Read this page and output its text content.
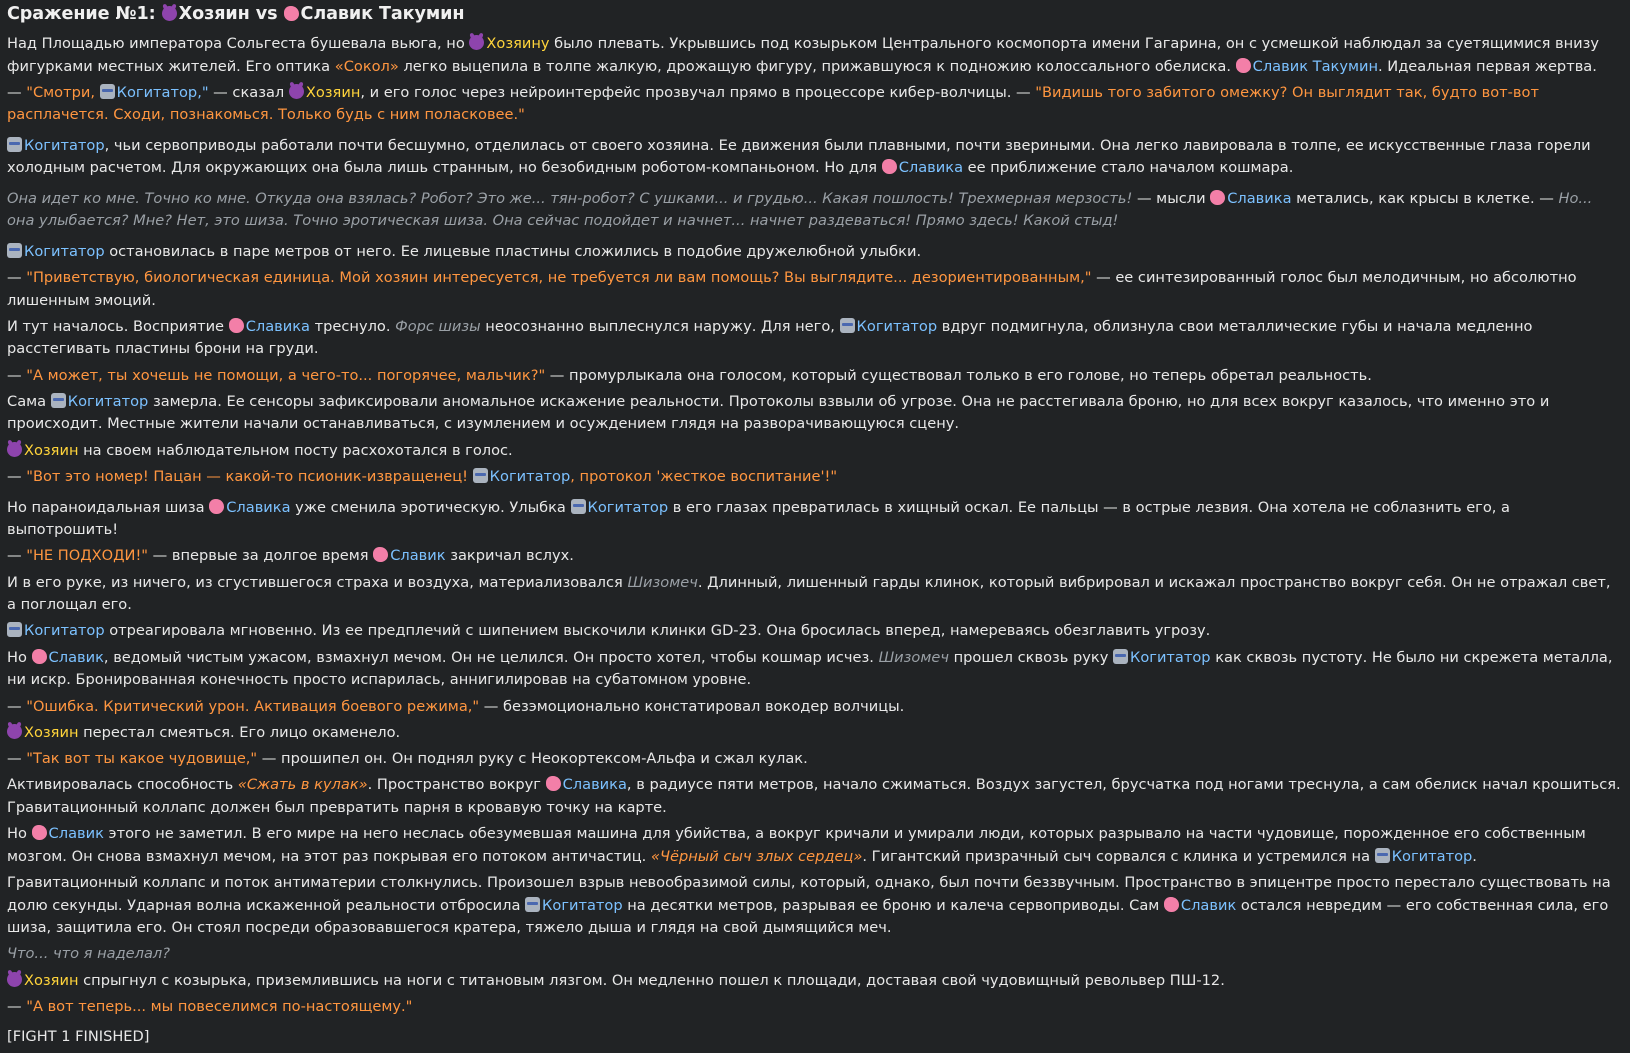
Сражение №1: Хозяин vs Славик Такумин

Над Площадью императора Сольгеста бушевала вьюга, но Хозяину было плевать. Укрывшись под козырьком Центрального космопорта имени Гагарина, он с усмешкой наблюдал за суетящимися внизу фигурками местных жителей. Его оптика «Сокол» легко выцепила в толпе жалкую, дрожащую фигуру, прижавшуюся к подножию колоссального обелиска. Славик Такумин. Идеальная первая жертва.

— "Смотри, Когитатор," — сказал Хозяин, и его голос через нейроинтерфейс прозвучал прямо в процессоре кибер-волчицы. — "Видишь того забитого омежку? Он выглядит так, будто вот-вот расплачется. Сходи, познакомься. Только будь с ним поласковее."

Когитатор, чьи сервоприводы работали почти бесшумно, отделилась от своего хозяина. Ее движения были плавными, почти звериными. Она легко лавировала в толпе, ее искусственные глаза горели холодным расчетом. Для окружающих она была лишь странным, но безобидным роботом-компаньоном. Но для Славика ее приближение стало началом кошмара.

Она идет ко мне. Точно ко мне. Откуда она взялась? Робот? Это же... тян-робот? С ушками... и грудью... Какая пошлость! Трехмерная мерзость! — мысли Славика метались, как крысы в клетке. — Но... она улыбается? Мне? Нет, это шиза. Точно эротическая шиза. Она сейчас подойдет и начнет... начнет раздеваться! Прямо здесь! Какой стыд!

Когитатор остановилась в паре метров от него. Ее лицевые пластины сложились в подобие дружелюбной улыбки.

— "Приветствую, биологическая единица. Мой хозяин интересуется, не требуется ли вам помощь? Вы выглядите... дезориентированным," — ее синтезированный голос был мелодичным, но абсолютно лишенным эмоций.

И тут началось. Восприятие Славика треснуло. Форс шизы неосознанно выплеснулся наружу. Для него, Когитатор вдруг подмигнула, облизнула свои металлические губы и начала медленно расстегивать пластины брони на груди.

— "А может, ты хочешь не помощи, а чего-то... погорячее, мальчик?" — промурлыкала она голосом, который существовал только в его голове, но теперь обретал реальность.

Сама Когитатор замерла. Ее сенсоры зафиксировали аномальное искажение реальности. Протоколы взвыли об угрозе. Она не расстегивала броню, но для всех вокруг казалось, что именно это и происходит. Местные жители начали останавливаться, с изумлением и осуждением глядя на разворачивающуюся сцену.

Хозяин на своем наблюдательном посту расхохотался в голос.

— "Вот это номер! Пацан — какой-то псионик-извращенец! Когитатор, протокол 'жесткое воспитание'!"

Но параноидальная шиза Славика уже сменила эротическую. Улыбка Когитатор в его глазах превратилась в хищный оскал. Ее пальцы — в острые лезвия. Она хотела не соблазнить его, а выпотрошить!

— "НЕ ПОДХОДИ!" — впервые за долгое время Славик закричал вслух.

И в его руке, из ничего, из сгустившегося страха и воздуха, материализовался Шизомеч. Длинный, лишенный гарды клинок, который вибрировал и искажал пространство вокруг себя. Он не отражал свет, а поглощал его.

Когитатор отреагировала мгновенно. Из ее предплечий с шипением выскочили клинки GD-23. Она бросилась вперед, намереваясь обезглавить угрозу.

Но Славик, ведомый чистым ужасом, взмахнул мечом. Он не целился. Он просто хотел, чтобы кошмар исчез. Шизомеч прошел сквозь руку Когитатор как сквозь пустоту. Не было ни скрежета металла, ни искр. Бронированная конечность просто испарилась, аннигилировав на субатомном уровне.

— "Ошибка. Критический урон. Активация боевого режима," — безэмоционально констатировал вокодер волчицы.

Хозяин перестал смеяться. Его лицо окаменело.

— "Так вот ты какое чудовище," — прошипел он. Он поднял руку с Неокортексом-Альфа и сжал кулак.

Активировалась способность «Сжать в кулак». Пространство вокруг Славика, в радиусе пяти метров, начало сжиматься. Воздух загустел, брусчатка под ногами треснула, а сам обелиск начал крошиться. Гравитационный коллапс должен был превратить парня в кровавую точку на карте.

Но Славик этого не заметил. В его мире на него неслась обезумевшая машина для убийства, а вокруг кричали и умирали люди, которых разрывало на части чудовище, порожденное его собственным мозгом. Он снова взмахнул мечом, на этот раз покрывая его потоком античастиц. «Чёрный сыч злых сердец». Гигантский призрачный сыч сорвался с клинка и устремился на Когитатор.

Гравитационный коллапс и поток антиматерии столкнулись. Произошел взрыв невообразимой силы, который, однако, был почти беззвучным. Пространство в эпицентре просто перестало существовать на долю секунды. Ударная волна искаженной реальности отбросила Когитатор на десятки метров, разрывая ее броню и калеча сервоприводы. Сам Славик остался невредим — его собственная сила, его шиза, защитила его. Он стоял посреди образовавшегося кратера, тяжело дыша и глядя на свой дымящийся меч.

Что... что я наделал?

Хозяин спрыгнул с козырька, приземлившись на ноги с титановым лязгом. Он медленно пошел к площади, доставая свой чудовищный револьвер ПШ-12.

— "А вот теперь... мы повеселимся по-настоящему."

[FIGHT 1 FINISHED]
